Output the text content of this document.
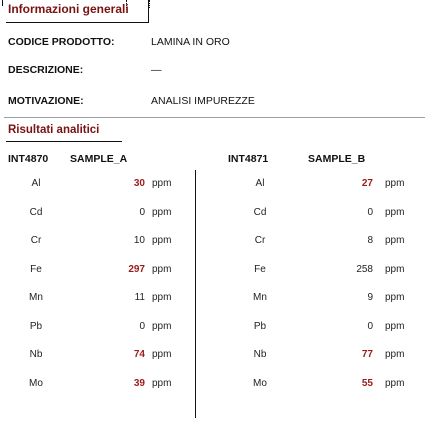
Informazioni generali
CODICE PRODOTTO:	LAMINA IN ORO
DESCRIZIONE:	—
MOTIVAZIONE:	ANALISI IMPUREZZE
Risultati analitici
INT4870 SAMPLE_A	INT4871	SAMPLE_B
Al	30 ppm	Al	27 ppm
Cd	0 ppm	Cd	0 ppm
Cr	10 ppm	Cr	8 ppm
Fe	297 ppm	Fe	258 ppm
Mn	11 ppm	Mn	9 ppm
Pb	0 ppm	Pb	0 ppm
Nb	74 ppm	Nb	77 ppm
Mo	39 ppm	Mo	55 ppm
